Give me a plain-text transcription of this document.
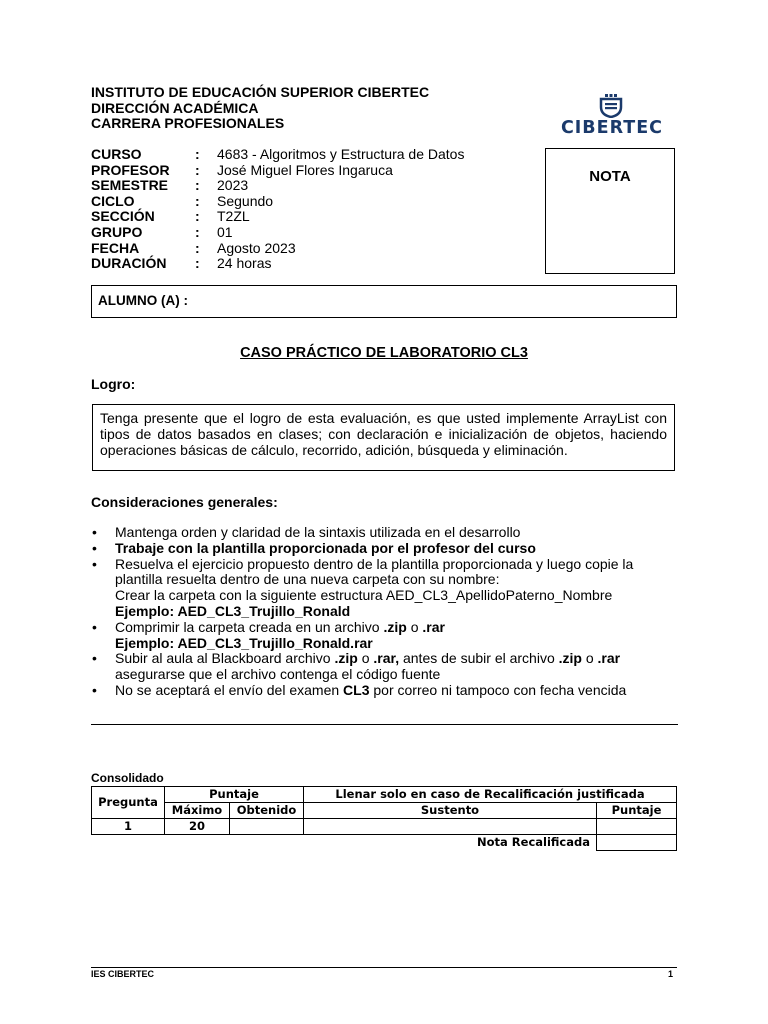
INSTITUTO DE EDUCACIÓN SUPERIOR CIBERTEC
DIRECCIÓN ACADÉMICA
CARRERA PROFESIONALES	CIBERTEC
CURSO	:	4683 - Algoritmos y Estructura de Datos
PROFESOR	:	José Miguel Flores Ingaruca
SEMESTRE	:	2023
CICLO	:	Segundo
SECCIÓN	:	T2ZL
GRUPO	:	01
FECHA	:	Agosto 2023
DURACIÓN	:	24 horas
NOTA
ALUMNO (A) :
CASO PRÁCTICO DE LABORATORIO CL3
Logro:
Tenga presente que el logro de esta evaluación, es que usted implemente ArrayList con tipos de datos basados en clases; con declaración e inicialización de objetos, haciendo operaciones básicas de cálculo, recorrido, adición, búsqueda y eliminación.
Consideraciones generales:
•	Mantenga orden y claridad de la sintaxis utilizada en el desarrollo
•	Trabaje con la plantilla proporcionada por el profesor del curso
•	Resuelva el ejercicio propuesto dentro de la plantilla proporcionada y luego copie la plantilla resuelta dentro de una nueva carpeta con su nombre:
Crear la carpeta con la siguiente estructura AED_CL3_ApellidoPaterno_Nombre
Ejemplo: AED_CL3_Trujillo_Ronald
•	Comprimir la carpeta creada en un archivo .zip o .rar
Ejemplo: AED_CL3_Trujillo_Ronald.rar
•	Subir al aula al Blackboard archivo .zip o .rar, antes de subir el archivo .zip o .rar
asegurarse que el archivo contenga el código fuente
•	No se aceptará el envío del examen CL3 por correo ni tampoco con fecha vencida
Consolidado
Pregunta	Puntaje		Llenar solo en caso de Recalificación justificada	
	Máximo	Obtenido	Sustento	Puntaje
1	20			
Nota Recalificada				
IES CIBERTEC	1
